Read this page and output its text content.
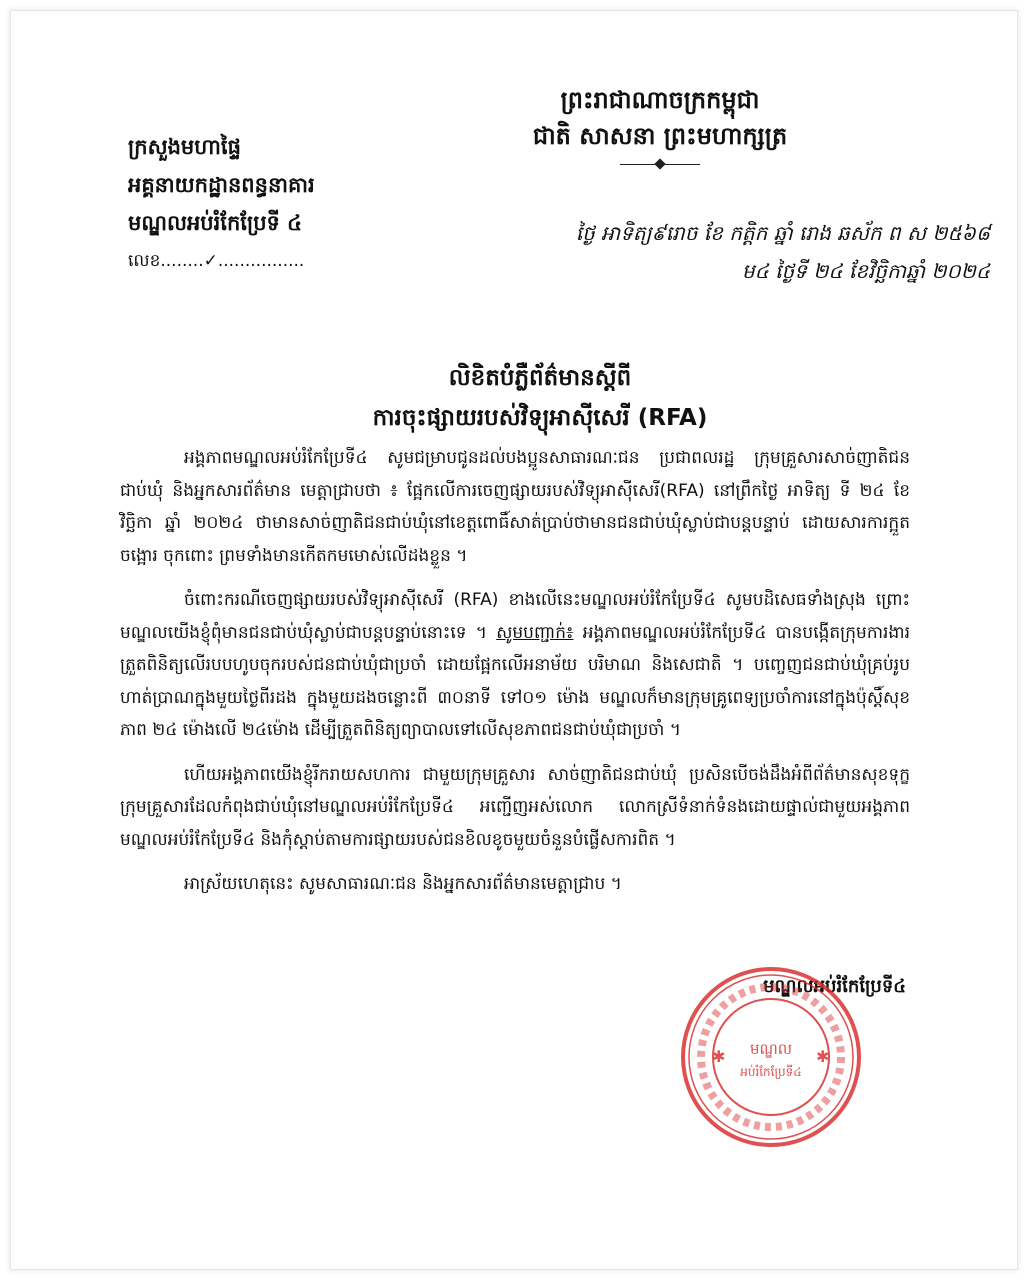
ព្រះរាជាណាចក្រកម្ពុជា
ជាតិ សាសនា ព្រះមហាក្សត្រ
ក្រសួងមហាផ្ទៃ
អគ្គនាយកដ្ឋានពន្ធនាគារ
មណ្ឌលអប់រំកែប្រែទី ៤
លេខ........✓................
ថ្ងៃ អាទិត្យ៩រោច ខែ កត្តិក ឆ្នាំ រោង ឆស័ក ព ស ២៥៦៨
ម៤ ថ្ងៃទី ២៤ ខែវិច្ឆិកាឆ្នាំ ២០២៤
លិខិតបំភ្លឺព័ត៌មានស្តីពី
ការចុះផ្សាយរបស់វិទ្យុអាស៊ីសេរី (RFA)

អង្គភាពមណ្ឌលអប់រំកែប្រែទី៤ សូមជម្រាបជូនដល់បងប្អូនសាធារណៈជន ប្រជាពលរដ្ឋ ក្រុមគ្រួសារសាច់ញាតិជនជាប់ឃុំ និងអ្នកសារព័ត៌មាន មេត្តាជ្រាបថា ៖ ផ្អែកលើការចេញផ្សាយរបស់វិទ្យុអាស៊ីសេរី(RFA) នៅព្រឹកថ្ងៃ អាទិត្យ ទី ២៤ ខែ វិច្ឆិកា ឆ្នាំ ២០២៤ ថាមានសាច់ញាតិជនជាប់ឃុំនៅខេត្តពោធិ៍សាត់ប្រាប់ថាមានជនជាប់ឃុំស្លាប់ជាបន្តបន្ទាប់ ដោយសារការក្អួតចង្អោរ ចុកពោះ ព្រមទាំងមានកើតកមមោស់លើដងខ្លួន ។

ចំពោះករណីចេញផ្សាយរបស់វិទ្យុអាស៊ីសេរី (RFA) ខាងលើនេះមណ្ឌលអប់រំកែប្រែទី៤ សូមបដិសេធទាំងស្រុង ព្រោះមណ្ឌលយើងខ្ញុំពុំមានជនជាប់ឃុំស្លាប់ជាបន្តបន្ទាប់នោះទេ ។ សូមបញ្ជាក់៖ អង្គភាពមណ្ឌលអប់រំកែប្រែទី៤ បានបង្កើតក្រុមការងារត្រួតពិនិត្យលើរបបហូបចុករបស់ជនជាប់ឃុំជាប្រចាំ ដោយផ្អែកលើអនាម័យ បរិមាណ និងសេជាតិ ។ បញ្ចេញជនជាប់ឃុំគ្រប់រូបហាត់ប្រាណក្នុងមួយថ្ងៃពីរដង ក្នុងមួយដងចន្លោះពី ៣០នាទី ទៅ០១ ម៉ោង មណ្ឌលក៏មានក្រុមគ្រូពេទ្យប្រចាំការនៅក្នុងប៉ុស្តិ៍សុខភាព ២៤ ម៉ោងលើ ២៤ម៉ោង ដើម្បីត្រួតពិនិត្យព្យាបាលទៅលើសុខភាពជនជាប់ឃុំជាប្រចាំ ។

ហើយអង្គភាពយើងខ្ញុំរីករាយសហការ ជាមួយក្រុមគ្រួសារ សាច់ញាតិជនជាប់ឃុំ ប្រសិនបើចង់ដឹងអំពីព័ត៌មានសុខទុក្ខក្រុមគ្រួសារដែលកំពុងជាប់ឃុំនៅមណ្ឌលអប់រំកែប្រែទី៤ អញ្ជើញអស់លោក លោកស្រីទំនាក់ទំនងដោយផ្ទាល់ជាមួយអង្គភាពមណ្ឌលអប់រំកែប្រែទី៤ និងកុំស្តាប់តាមការផ្សាយរបស់ជនខិលខូចមួយចំនួនបំផ្លើសការពិត ។

អាស្រ័យហេតុនេះ សូមសាធារណៈជន និងអ្នកសារព័ត៌មានមេត្តាជ្រាប ។

មណ្ឌលអប់រំកែប្រែទី៤
✱	✱
មណ្ឌល
អប់រំកែប្រែទី៤
